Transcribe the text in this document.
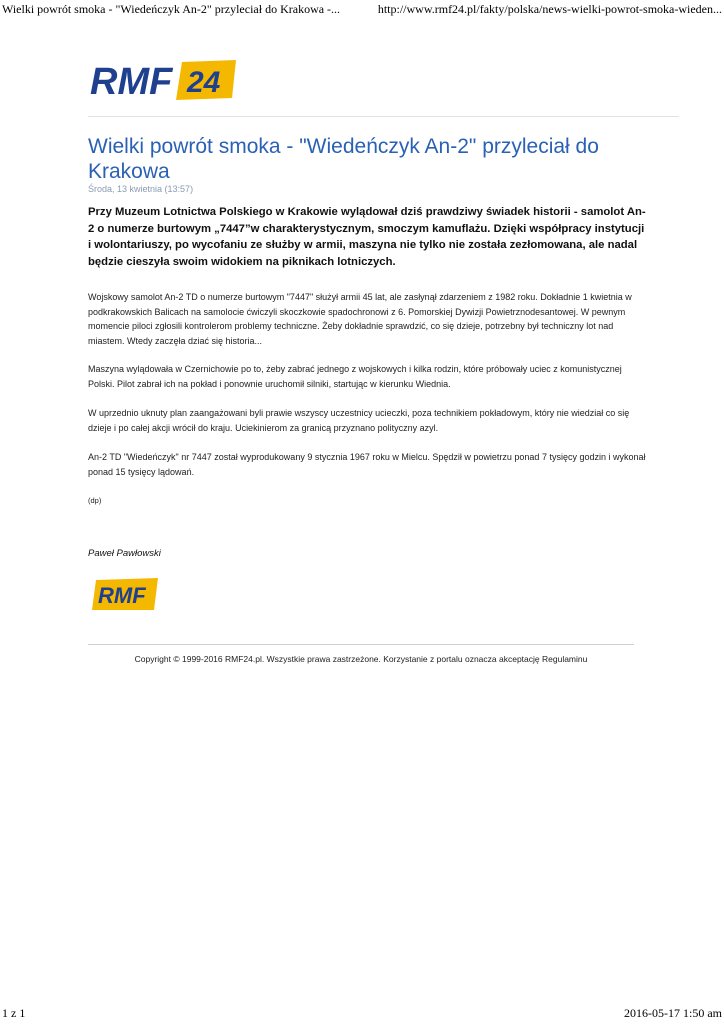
Wielki powrót smoka - "Wiedeńczyk An-2" przyleciał do Krakowa -...	http://www.rmf24.pl/fakty/polska/news-wielki-powrot-smoka-wieden...
RMF 24
Wielki powrót smoka - "Wiedeńczyk An-2" przyleciał do Krakowa
Środa, 13 kwietnia (13:57)

Przy Muzeum Lotnictwa Polskiego w Krakowie wylądował dziś prawdziwy świadek historii - samolot An-2 o numerze burtowym „7447”w charakterystycznym, smoczym kamuflażu. Dzięki współpracy instytucji i wolontariuszy, po wycofaniu ze służby w armii, maszyna nie tylko nie została zezłomowana, ale nadal będzie cieszyła swoim widokiem na piknikach lotniczych.

Wojskowy samolot An-2 TD o numerze burtowym "7447" służył armii 45 lat, ale zasłynął zdarzeniem z 1982 roku. Dokładnie 1 kwietnia w podkrakowskich Balicach na samolocie ćwiczyli skoczkowie spadochronowi z 6. Pomorskiej Dywizji Powietrznodesantowej. W pewnym momencie piloci zgłosili kontrolerom problemy techniczne. Żeby dokładnie sprawdzić, co się dzieje, potrzebny był techniczny lot nad miastem. Wtedy zaczęła dziać się historia...

Maszyna wylądowała w Czernichowie po to, żeby zabrać jednego z wojskowych i kilka rodzin, które próbowały uciec z komunistycznej Polski. Pilot zabrał ich na pokład i ponownie uruchomił silniki, startując w kierunku Wiednia.

W uprzednio uknuty plan zaangażowani byli prawie wszyscy uczestnicy ucieczki, poza technikiem pokładowym, który nie wiedział co się dzieje i po całej akcji wrócił do kraju. Uciekinierom za granicą przyznano polityczny azyl.

An-2 TD "Wiedeńczyk" nr 7447 został wyprodukowany 9 stycznia 1967 roku w Mielcu. Spędził w powietrzu ponad 7 tysięcy godzin i wykonał ponad 15 tysięcy lądowań.

(dp)

Paweł Pawłowski
RMF
Copyright © 1999-2016 RMF24.pl. Wszystkie prawa zastrzeżone. Korzystanie z portalu oznacza akceptację Regulaminu
1 z 1	2016-05-17 1:50 am
